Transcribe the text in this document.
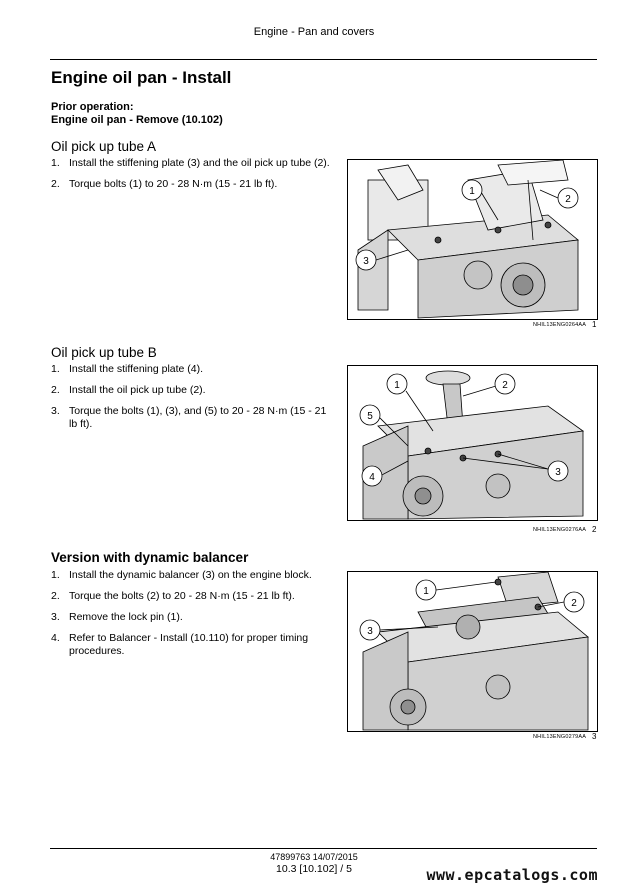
Engine - Pan and covers
Engine oil pan - Install
Prior operation:
Engine oil pan - Remove (10.102)
Oil pick up tube A
1. Install the stiffening plate (3) and the oil pick up tube (2).
2. Torque bolts (1) to 20 - 28 N·m (15 - 21 lb ft).
1
2
3
NHIL13ENG0264AA 1
Oil pick up tube B
1. Install the stiffening plate (4).
2. Install the oil pick up tube (2).
3. Torque the bolts (1), (3), and (5) to 20 - 28 N·m (15 - 21 lb ft).
1	2
3
4
5
NHIL13ENG0276AA 2
Version with dynamic balancer
1. Install the dynamic balancer (3) on the engine block.
2. Torque the bolts (2) to 20 - 28 N·m (15 - 21 lb ft).
3. Remove the lock pin (1).
4. Refer to Balancer - Install (10.110) for proper timing procedures.
1
2
3
NHIL13ENG0279AA 3
47899763 14/07/2015
10.3 [10.102] / 5	www.epcatalogs.com
